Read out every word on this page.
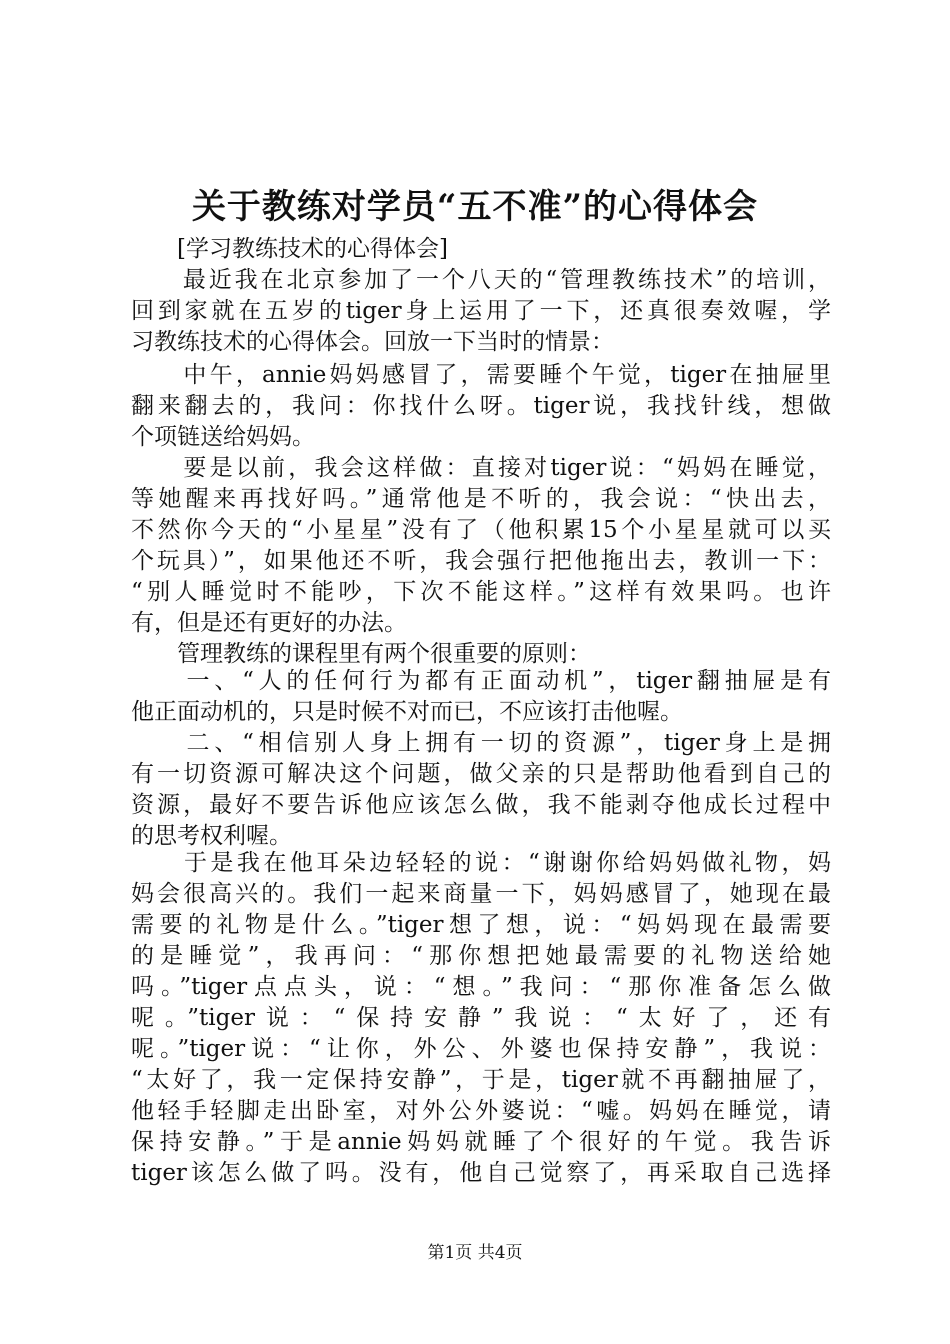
关于教练对学员“五不准”的心得体会
　　[学习教练技术的心得体会]
　　最近我在北京参加了一个八天的“管理教练技术”的培训，
回到家就在五岁的tiger身上运用了一下，还真很奏效喔，学
习教练技术的心得体会。回放一下当时的情景：
　　中午，annie妈妈感冒了，需要睡个午觉，tiger在抽屉里
翻来翻去的，我问：你找什么呀。tiger说，我找针线，想做
个项链送给妈妈。
　　要是以前，我会这样做：直接对tiger说：“妈妈在睡觉，
等她醒来再找好吗。”通常他是不听的，我会说：“快出去，
不然你今天的“小星星”没有了（他积累15个小星星就可以买
个玩具）”，如果他还不听，我会强行把他拖出去，教训一下：
“别人睡觉时不能吵，下次不能这样。”这样有效果吗。也许
有，但是还有更好的办法。
　　管理教练的课程里有两个很重要的原则：
　　一、“人的任何行为都有正面动机”，tiger翻抽屉是有
他正面动机的，只是时候不对而已，不应该打击他喔。
　　二、“相信别人身上拥有一切的资源”，tiger身上是拥
有一切资源可解决这个问题，做父亲的只是帮助他看到自己的
资源，最好不要告诉他应该怎么做，我不能剥夺他成长过程中
的思考权利喔。
　　于是我在他耳朵边轻轻的说：“谢谢你给妈妈做礼物，妈
妈会很高兴的。我们一起来商量一下，妈妈感冒了，她现在最
需要的礼物是什么。”tiger想了想，说：“妈妈现在最需要
的是睡觉”，我再问：“那你想把她最需要的礼物送给她
吗。”tiger点点头，说：“想。”我问：“那你准备怎么做
呢。”tiger说：“保持安静”我说：“太好了，还有
呢。”tiger说：“让你，外公、外婆也保持安静”，我说：
“太好了，我一定保持安静”，于是，tiger就不再翻抽屉了，
他轻手轻脚走出卧室，对外公外婆说：“嘘。妈妈在睡觉，请
保持安静。”于是annie妈妈就睡了个很好的午觉。我告诉
tiger该怎么做了吗。没有，他自己觉察了，再采取自己选择
第1页 共4页
